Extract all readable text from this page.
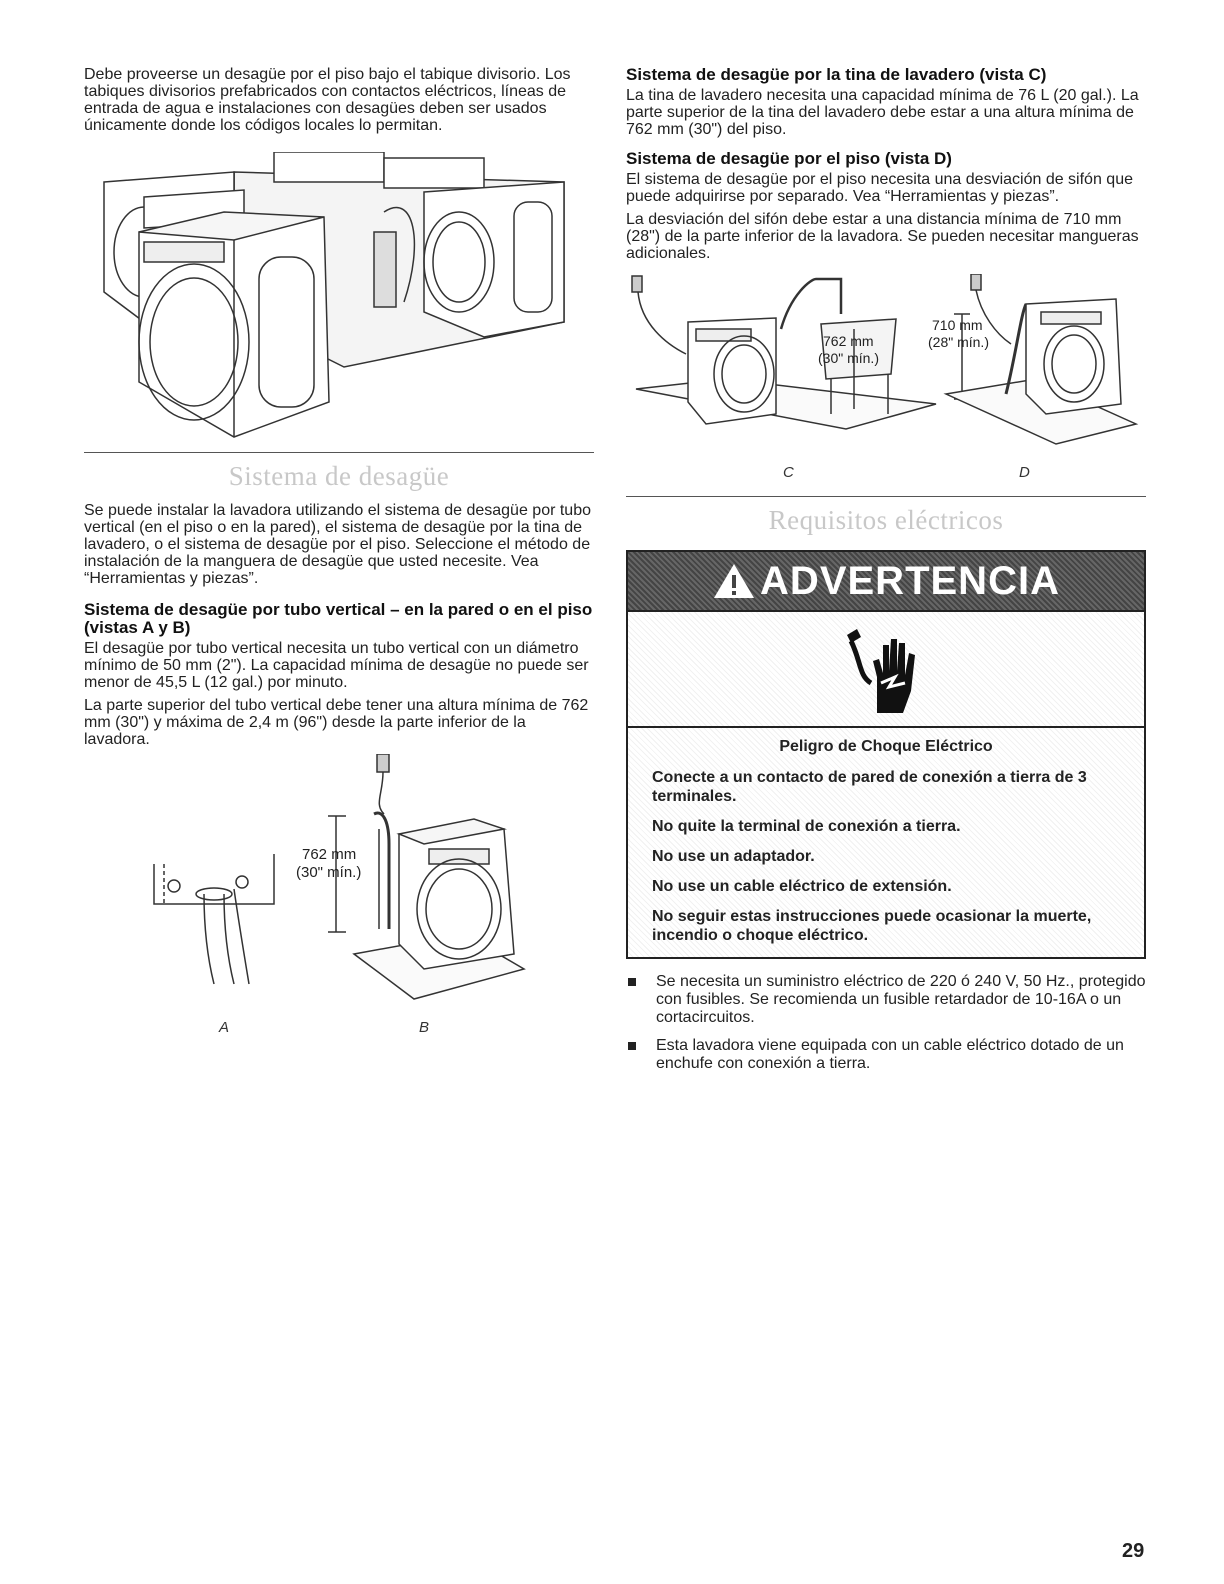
Debe proveerse un desagüe por el piso bajo el tabique divisorio. Los tabiques divisorios prefabricados con contactos eléctricos, líneas de entrada de agua e instalaciones con desagües deben ser usados únicamente donde los códigos locales lo permitan.

Sistema de desagüe

Se puede instalar la lavadora utilizando el sistema de desagüe por tubo vertical (en el piso o en la pared), el sistema de desagüe por la tina de lavadero, o el sistema de desagüe por el piso. Seleccione el método de instalación de la manguera de desagüe que usted necesite. Vea “Herramientas y piezas”.

Sistema de desagüe por tubo vertical – en la pared o en el piso (vistas A y B)

El desagüe por tubo vertical necesita un tubo vertical con un diámetro mínimo de 50 mm (2"). La capacidad mínima de desagüe no puede ser menor de 45,5 L (12 gal.) por minuto.

La parte superior del tubo vertical debe tener una altura mínima de 762 mm (30") y máxima de 2,4 m (96") desde la parte inferior de la lavadora.

762 mm
(30" mín.)
A	B
Sistema de desagüe por la tina de lavadero (vista C)

La tina de lavadero necesita una capacidad mínima de 76 L (20 gal.). La parte superior de la tina del lavadero debe estar a una altura mínima de 762 mm (30") del piso.

Sistema de desagüe por el piso (vista D)

El sistema de desagüe por el piso necesita una desviación de sifón que puede adquirirse por separado. Vea “Herramientas y piezas”.

La desviación del sifón debe estar a una distancia mínima de 710 mm (28") de la parte inferior de la lavadora. Se pueden necesitar mangueras adicionales.

762 mm
(30" mín.)
710 mm
(28" mín.)
C	D
Requisitos eléctricos
ADVERTENCIA
Peligro de Choque Eléctrico
Conecte a un contacto de pared de conexión a tierra de 3 terminales.
No quite la terminal de conexión a tierra.
No use un adaptador.
No use un cable eléctrico de extensión.
No seguir estas instrucciones puede ocasionar la muerte, incendio o choque eléctrico.
Se necesita un suministro eléctrico de 220 ó 240 V, 50 Hz., protegido con fusibles. Se recomienda un fusible retardador de 10-16A o un cortacircuitos.
Esta lavadora viene equipada con un cable eléctrico dotado de un enchufe con conexión a tierra.
29
